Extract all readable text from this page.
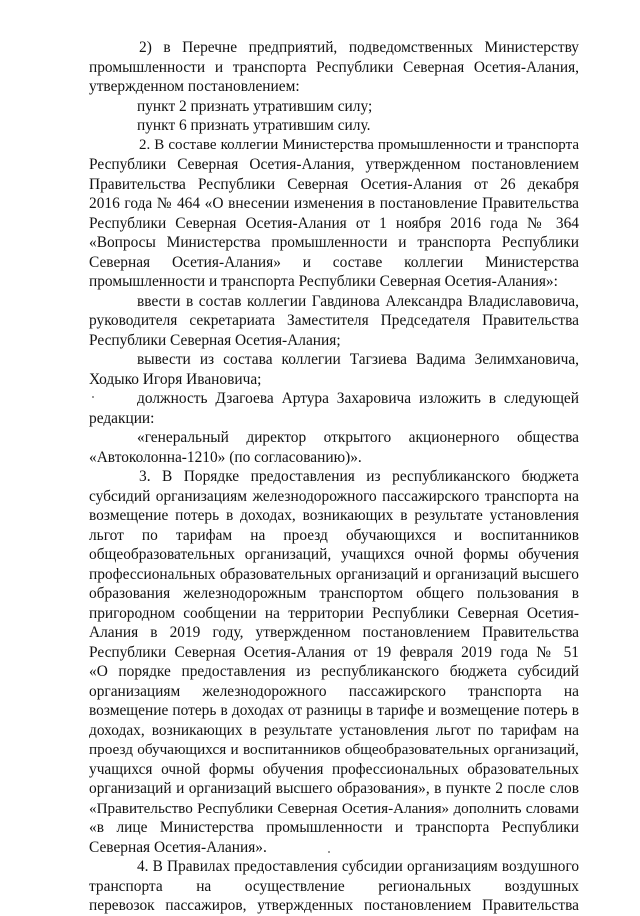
2) в Перечне предприятий, подведомственных Министерству
промышленности и транспорта Республики Северная Осетия-Алания,
утвержденном постановлением:
пункт 2 признать утратившим силу;
пункт 6 признать утратившим силу.
2. В составе коллегии Министерства промышленности и транспорта
Республики Северная Осетия-Алания, утвержденном постановлением
Правительства Республики Северная Осетия-Алания от 26 декабря
2016 года № 464 «О внесении изменения в постановление Правительства
Республики Северная Осетия-Алания от 1 ноября 2016 года № 364
«Вопросы Министерства промышленности и транспорта Республики
Северная Осетия-Алания» и составе коллегии Министерства
промышленности и транспорта Республики Северная Осетия-Алания»:
ввести в состав коллегии Гавдинова Александра Владиславовича,
руководителя секретариата Заместителя Председателя Правительства
Республики Северная Осетия-Алания;
вывести из состава коллегии Тагзиева Вадима Зелимхановича,
Ходыко Игоря Ивановича;
должность Дзагоева Артура Захаровича изложить в следующей
редакции:
«генеральный директор открытого акционерного общества
«Автоколонна-1210» (по согласованию)».
3. В Порядке предоставления из республиканского бюджета
субсидий организациям железнодорожного пассажирского транспорта на
возмещение потерь в доходах, возникающих в результате установления
льгот по тарифам на проезд обучающихся и воспитанников
общеобразовательных организаций, учащихся очной формы обучения
профессиональных образовательных организаций и организаций высшего
образования железнодорожным транспортом общего пользования в
пригородном сообщении на территории Республики Северная Осетия-
Алания в 2019 году, утвержденном постановлением Правительства
Республики Северная Осетия-Алания от 19 февраля 2019 года № 51
«О порядке предоставления из республиканского бюджета субсидий
организациям железнодорожного пассажирского транспорта на
возмещение потерь в доходах от разницы в тарифе и возмещение потерь в
доходах, возникающих в результате установления льгот по тарифам на
проезд обучающихся и воспитанников общеобразовательных организаций,
учащихся очной формы обучения профессиональных образовательных
организаций и организаций высшего образования», в пункте 2 после слов
«Правительство Республики Северная Осетия-Алания» дополнить словами
«в лице Министерства промышленности и транспорта Республики
Северная Осетия-Алания».
4. В Правилах предоставления субсидии организациям воздушного
транспорта на осуществление региональных воздушных
перевозок пассажиров, утвержденных постановлением Правительства
